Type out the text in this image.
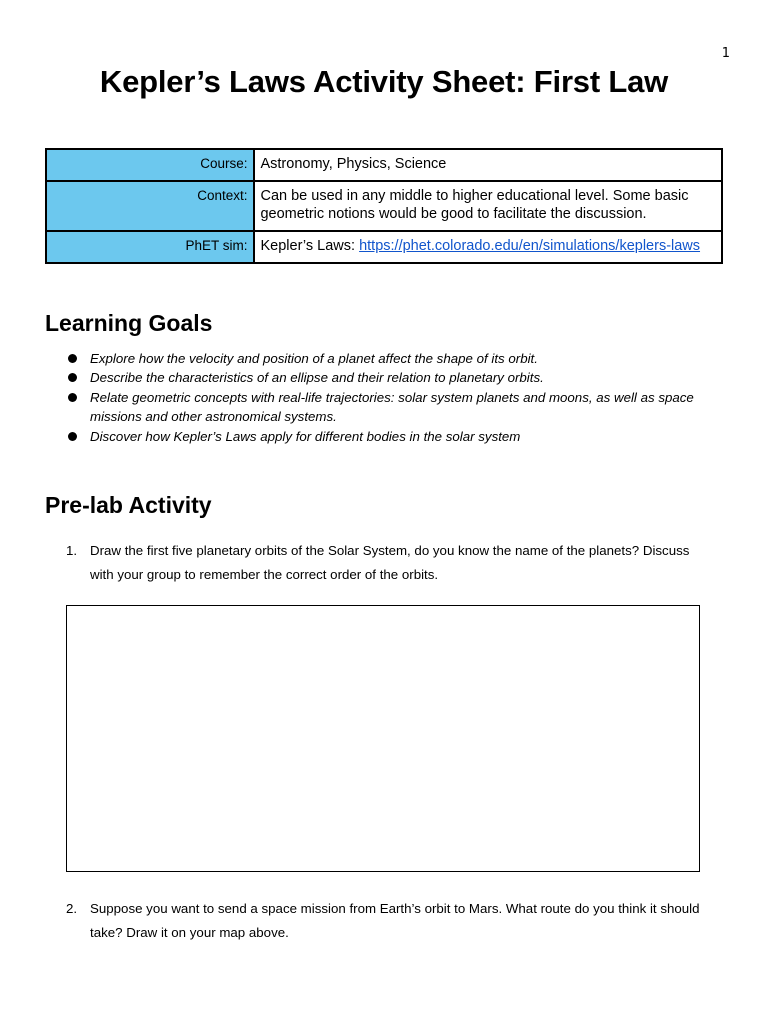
1
Kepler’s Laws Activity Sheet: First Law
Course:	Astronomy, Physics, Science
Context:	Can be used in any middle to higher educational level. Some basic geometric notions would be good to facilitate the discussion.
PhET sim:	Kepler’s Laws: https://phet.colorado.edu/en/simulations/keplers-laws
Learning Goals
Explore how the velocity and position of a planet affect the shape of its orbit.
Describe the characteristics of an ellipse and their relation to planetary orbits.
Relate geometric concepts with real-life trajectories: solar system planets and moons, as well as space missions and other astronomical systems.
Discover how Kepler’s Laws apply for different bodies in the solar system
Pre-lab Activity
1. Draw the first five planetary orbits of the Solar System, do you know the name of the planets? Discuss with your group to remember the correct order of the orbits.
2. Suppose you want to send a space mission from Earth’s orbit to Mars. What route do you think it should take? Draw it on your map above.
